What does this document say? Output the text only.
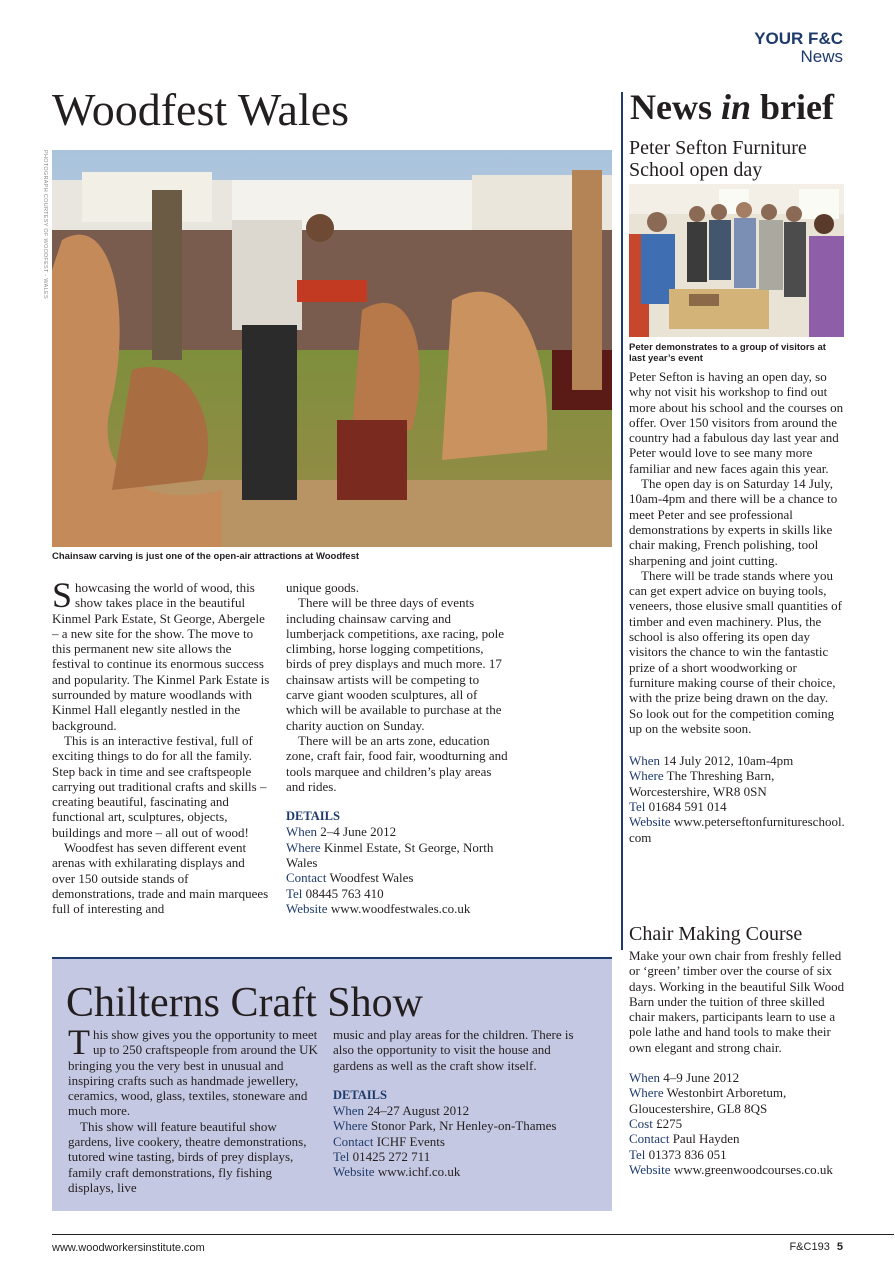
YOUR F&C
News
Woodfest Wales
PHOTOGRAPH COURTESY OF WOODFEST - WALES
Chainsaw carving is just one of the open-air attractions at Woodfest

Showcasing the world of wood, this show takes place in the beautiful Kinmel Park Estate, St George, Abergele – a new site for the show. The move to this permanent new site allows the festival to continue its enormous success and popularity. The Kinmel Park Estate is surrounded by mature woodlands with Kinmel Hall elegantly nestled in the background.

This is an interactive festival, full of exciting things to do for all the family. Step back in time and see craftspeople carrying out traditional crafts and skills – creating beautiful, fascinating and functional art, sculptures, objects, buildings and more – all out of wood!

Woodfest has seven different event arenas with exhilarating displays and over 150 outside stands of demonstrations, trade and main marquees full of interesting and

unique goods.

There will be three days of events including chainsaw carving and lumberjack competitions, axe racing, pole climbing, horse logging competitions, birds of prey displays and much more. 17 chainsaw artists will be competing to carve giant wooden sculptures, all of which will be available to purchase at the charity auction on Sunday.

There will be an arts zone, education zone, craft fair, food fair, woodturning and tools marquee and children’s play areas and rides.

DETAILS
When 2–4 June 2012
Where Kinmel Estate, St George, North Wales
Contact Woodfest Wales
Tel 08445 763 410
Website www.woodfestwales.co.uk
Chilterns Craft Show

This show gives you the opportunity to meet up to 250 craftspeople from around the UK bringing you the very best in unusual and inspiring crafts such as handmade jewellery, ceramics, wood, glass, textiles, stoneware and much more.

This show will feature beautiful show gardens, live cookery, theatre demonstrations, tutored wine tasting, birds of prey displays, family craft demonstrations, fly fishing displays, live

music and play areas for the children. There is also the opportunity to visit the house and gardens as well as the craft show itself.

DETAILS
When 24–27 August 2012
Where Stonor Park, Nr Henley-on-Thames
Contact ICHF Events
Tel 01425 272 711
Website www.ichf.co.uk
News in brief
Peter Sefton Furniture School open day
Peter demonstrates to a group of visitors at last year’s event

Peter Sefton is having an open day, so why not visit his workshop to find out more about his school and the courses on offer. Over 150 visitors from around the country had a fabulous day last year and Peter would love to see many more familiar and new faces again this year.

The open day is on Saturday 14 July, 10am-4pm and there will be a chance to meet Peter and see professional demonstrations by experts in skills like chair making, French polishing, tool sharpening and joint cutting.

There will be trade stands where you can get expert advice on buying tools, veneers, those elusive small quantities of timber and even machinery. Plus, the school is also offering its open day visitors the chance to win the fantastic prize of a short woodworking or furniture making course of their choice, with the prize being drawn on the day. So look out for the competition coming up on the website soon.

When 14 July 2012, 10am-4pm
Where The Threshing Barn, Worcestershire, WR8 0SN
Tel 01684 591 014
Website www.peterseftonfurnitureschool.com
Chair Making Course

Make your own chair from freshly felled or ‘green’ timber over the course of six days. Working in the beautiful Silk Wood Barn under the tuition of three skilled chair makers, participants learn to use a pole lathe and hand tools to make their own elegant and strong chair.

When 4–9 June 2012
Where Westonbirt Arboretum, Gloucestershire, GL8 8QS
Cost £275
Contact Paul Hayden
Tel 01373 836 051
Website www.greenwoodcourses.co.uk
www.woodworkersinstitute.com	F&C193 5
